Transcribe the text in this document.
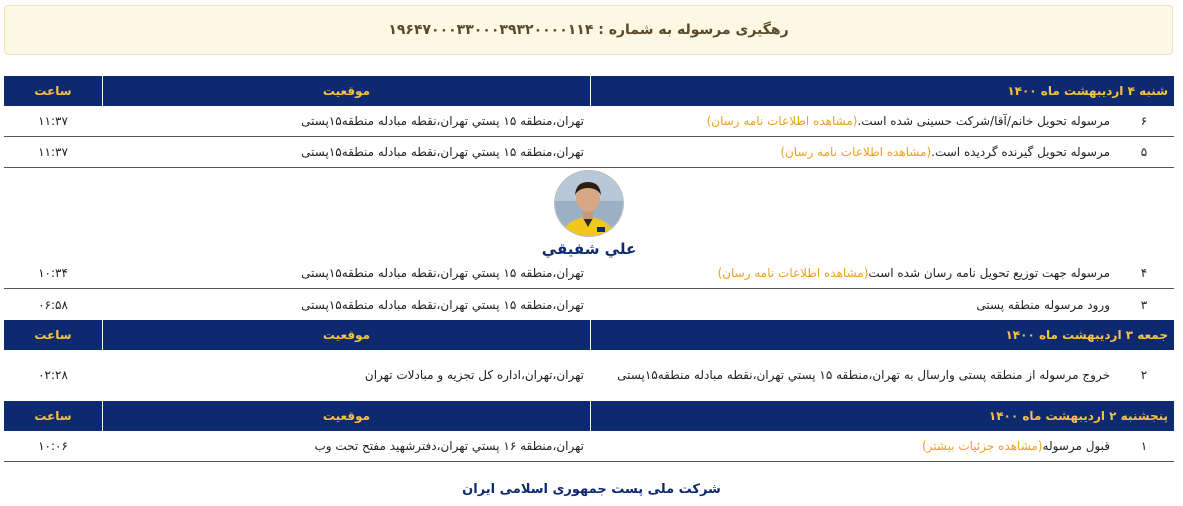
رهگیری مرسوله به شماره : ۱۹۶۴۷۰۰۰۳۳۰۰۰۳۹۳۲۰۰۰۰۱۱۴
شنبه ۴ اردیبهشت ماه ۱۴۰۰
موقعیت
ساعت
۶
مرسوله تحویل خانم/آقا/شرکت حسینی شده است.(مشاهده اطلاعات نامه رسان)
تهران،منطقه ۱۵ پستي تهران،نقطه مبادله منطقه۱۵پستی
۱۱:۳۷
۵
مرسوله تحویل گیرنده گردیده است.(مشاهده اطلاعات نامه رسان)
تهران،منطقه ۱۵ پستي تهران،نقطه مبادله منطقه۱۵پستی
۱۱:۳۷
علي شفيقي
۴
مرسوله جهت توزیع تحویل نامه رسان شده است(مشاهده اطلاعات نامه رسان)
تهران،منطقه ۱۵ پستي تهران،نقطه مبادله منطقه۱۵پستی
۱۰:۳۴
۳
ورود مرسوله منطقه پستی
تهران،منطقه ۱۵ پستي تهران،نقطه مبادله منطقه۱۵پستی
۰۶:۵۸
جمعه ۳ اردیبهشت ماه ۱۴۰۰
موقعیت
ساعت
۲
خروج مرسوله از منطقه پستی وارسال به تهران،منطقه ۱۵ پستي تهران،نقطه مبادله منطقه۱۵پستی
تهران،تهران،اداره کل تجزیه و مبادلات تهران
۰۲:۲۸
پنجشنبه ۲ اردیبهشت ماه ۱۴۰۰
موقعیت
ساعت
۱
قبول مرسوله(مشاهده جزئیات بیشتر)
تهران،منطقه ۱۶ پستي تهران،دفترشهید مفتح تحت وب
۱۰:۰۶
شرکت ملی پست جمهوری اسلامی ایران
